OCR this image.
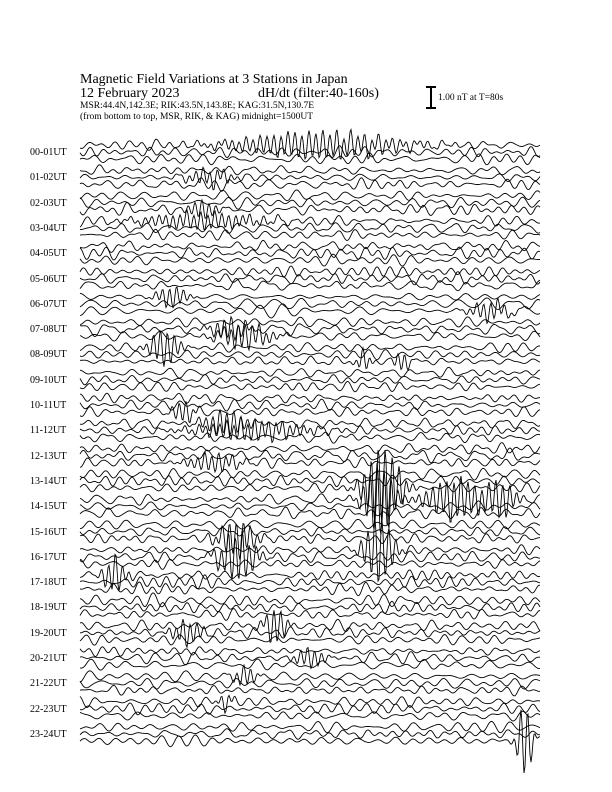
Magnetic Field Variations at 3 Stations in Japan
12 February 2023	dH/dt (filter:40-160s)
MSR:44.4N,142.3E; RIK:43.5N,143.8E; KAG:31.5N,130.7E
(from bottom to top, MSR, RIK, & KAG) midnight=1500UT
1.00 nT at T=80s
00-01UT
01-02UT
02-03UT
03-04UT
04-05UT
05-06UT
06-07UT
07-08UT
08-09UT
09-10UT
10-11UT
11-12UT
12-13UT
13-14UT
14-15UT
15-16UT
16-17UT
17-18UT
18-19UT
19-20UT
20-21UT
21-22UT
22-23UT
23-24UT
